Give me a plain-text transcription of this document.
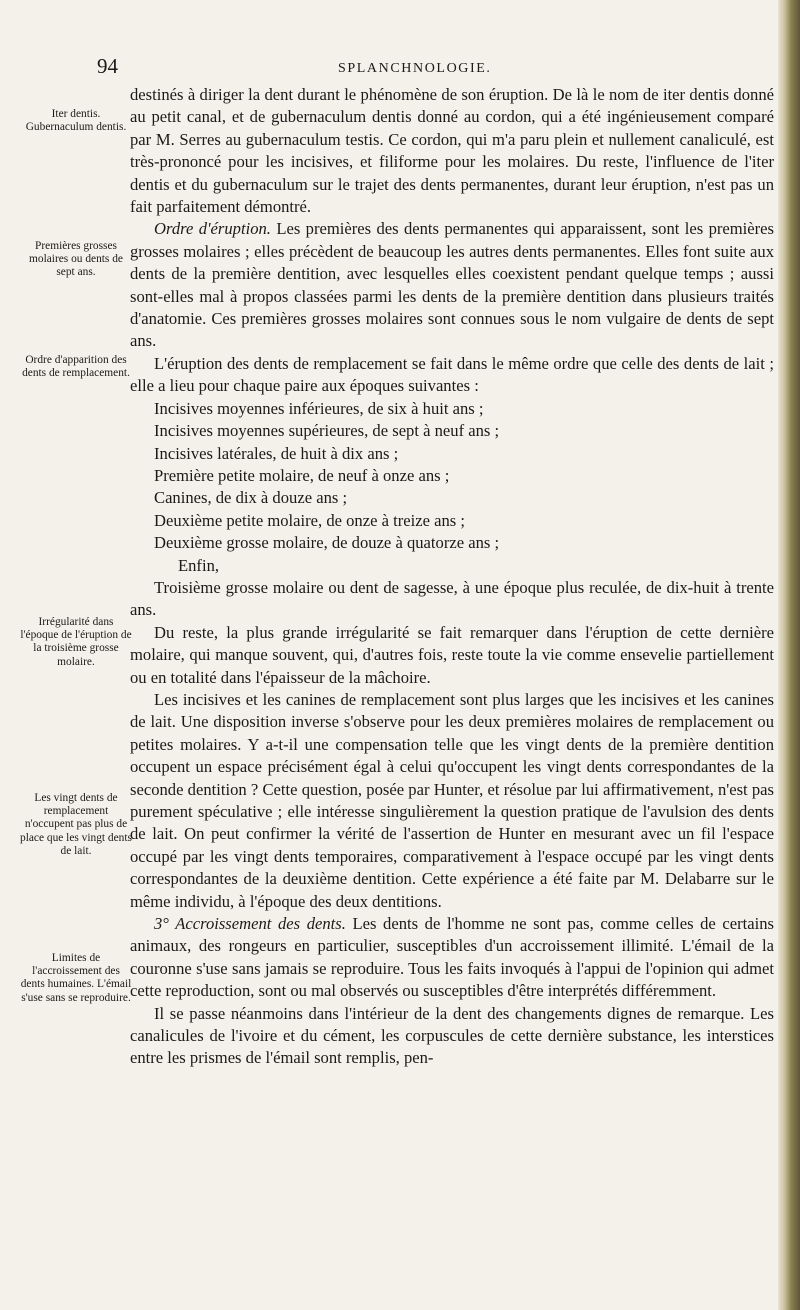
94	SPLANCHNOLOGIE.
Iter dentis. Gubernaculum dentis.
Premières grosses molaires ou dents de sept ans.
Ordre d'apparition des dents de remplacement.
Irrégularité dans l'époque de l'éruption de la troisième grosse molaire.
Les vingt dents de remplacement n'occupent pas plus de place que les vingt dents de lait.
Limites de l'accroissement des dents humaines. L'émail s'use sans se reproduire.

destinés à diriger la dent durant le phénomène de son éruption. De là le nom de iter dentis donné au petit canal, et de gubernaculum dentis donné au cordon, qui a été ingénieusement comparé par M. Serres au gubernaculum testis. Ce cordon, qui m'a paru plein et nullement canaliculé, est très-prononcé pour les incisives, et filiforme pour les molaires. Du reste, l'influence de l'iter dentis et du gubernaculum sur le trajet des dents permanentes, durant leur éruption, n'est pas un fait parfaitement démontré.

Ordre d'éruption. Les premières des dents permanentes qui apparaissent, sont les premières grosses molaires ; elles précèdent de beaucoup les autres dents permanentes. Elles font suite aux dents de la première dentition, avec lesquelles elles coexistent pendant quelque temps ; aussi sont-elles mal à propos classées parmi les dents de la première dentition dans plusieurs traités d'anatomie. Ces premières grosses molaires sont connues sous le nom vulgaire de dents de sept ans.

L'éruption des dents de remplacement se fait dans le même ordre que celle des dents de lait ; elle a lieu pour chaque paire aux époques suivantes :

Incisives moyennes inférieures, de six à huit ans ;
Incisives moyennes supérieures, de sept à neuf ans ;
Incisives latérales, de huit à dix ans ;
Première petite molaire, de neuf à onze ans ;
Canines, de dix à douze ans ;
Deuxième petite molaire, de onze à treize ans ;
Deuxième grosse molaire, de douze à quatorze ans ;
Enfin,

Troisième grosse molaire ou dent de sagesse, à une époque plus reculée, de dix-huit à trente ans.

Du reste, la plus grande irrégularité se fait remarquer dans l'éruption de cette dernière molaire, qui manque souvent, qui, d'autres fois, reste toute la vie comme ensevelie partiellement ou en totalité dans l'épaisseur de la mâchoire.

Les incisives et les canines de remplacement sont plus larges que les incisives et les canines de lait. Une disposition inverse s'observe pour les deux premières molaires de remplacement ou petites molaires. Y a-t-il une compensation telle que les vingt dents de la première dentition occupent un espace précisément égal à celui qu'occupent les vingt dents correspondantes de la seconde dentition ? Cette question, posée par Hunter, et résolue par lui affirmativement, n'est pas purement spéculative ; elle intéresse singulièrement la question pratique de l'avulsion des dents de lait. On peut confirmer la vérité de l'assertion de Hunter en mesurant avec un fil l'espace occupé par les vingt dents temporaires, comparativement à l'espace occupé par les vingt dents correspondantes de la deuxième dentition. Cette expérience a été faite par M. Delabarre sur le même individu, à l'époque des deux dentitions.

3° Accroissement des dents. Les dents de l'homme ne sont pas, comme celles de certains animaux, des rongeurs en particulier, susceptibles d'un accroissement illimité. L'émail de la couronne s'use sans jamais se reproduire. Tous les faits invoqués à l'appui de l'opinion qui admet cette reproduction, sont ou mal observés ou susceptibles d'être interprétés différemment.

Il se passe néanmoins dans l'intérieur de la dent des changements dignes de remarque. Les canalicules de l'ivoire et du cément, les corpuscules de cette dernière substance, les interstices entre les prismes de l'émail sont remplis, pen-
